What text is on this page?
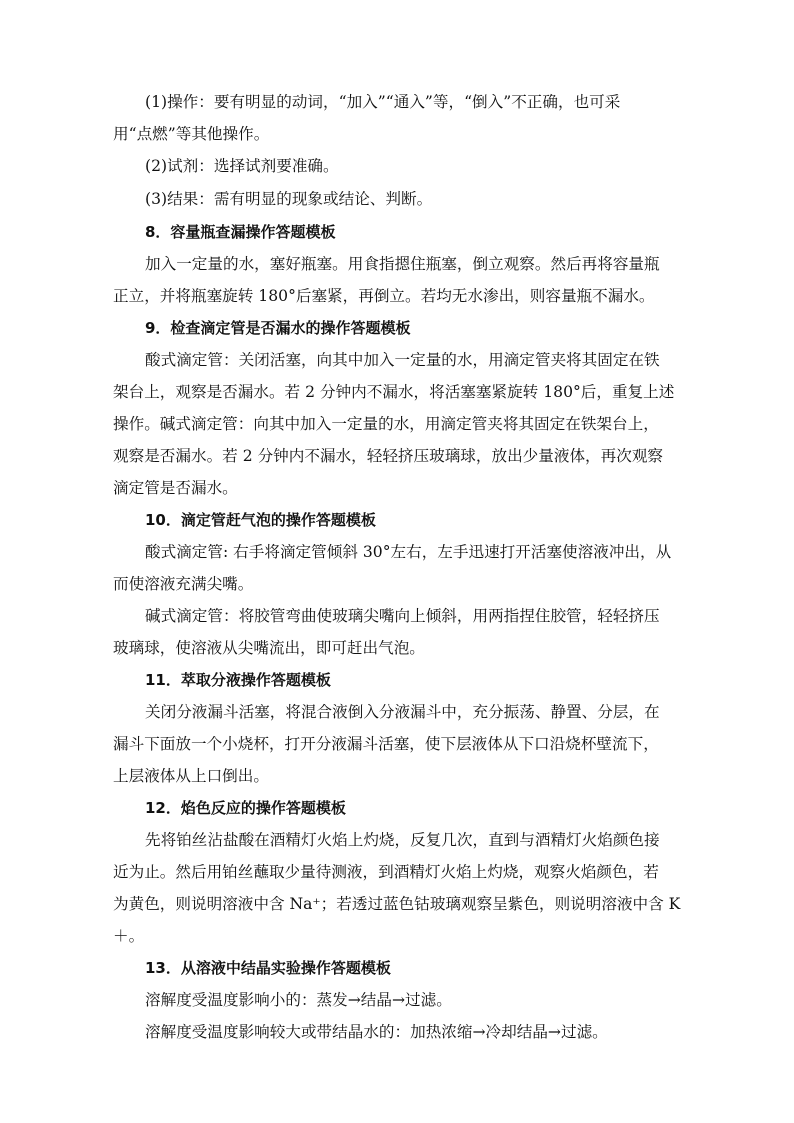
(1)操作：要有明显的动词，“加入”“通入”等，“倒入”不正确，也可采
用“点燃”等其他操作。
(2)试剂：选择试剂要准确。
(3)结果：需有明显的现象或结论、判断。
8．容量瓶查漏操作答题模板
加入一定量的水，塞好瓶塞。用食指摁住瓶塞，倒立观察。然后再将容量瓶
正立，并将瓶塞旋转 180°后塞紧，再倒立。若均无水渗出，则容量瓶不漏水。
9．检查滴定管是否漏水的操作答题模板
酸式滴定管：关闭活塞，向其中加入一定量的水，用滴定管夹将其固定在铁
架台上，观察是否漏水。若 2 分钟内不漏水，将活塞塞紧旋转 180°后，重复上述
操作。碱式滴定管：向其中加入一定量的水，用滴定管夹将其固定在铁架台上，
观察是否漏水。若 2 分钟内不漏水，轻轻挤压玻璃球，放出少量液体，再次观察
滴定管是否漏水。
10．滴定管赶气泡的操作答题模板
酸式滴定管: 右手将滴定管倾斜 30°左右，左手迅速打开活塞使溶液冲出，从
而使溶液充满尖嘴。
碱式滴定管：将胶管弯曲使玻璃尖嘴向上倾斜，用两指捏住胶管，轻轻挤压
玻璃球，使溶液从尖嘴流出，即可赶出气泡。
11．萃取分液操作答题模板
关闭分液漏斗活塞，将混合液倒入分液漏斗中，充分振荡、静置、分层，在
漏斗下面放一个小烧杯，打开分液漏斗活塞，使下层液体从下口沿烧杯壁流下，
上层液体从上口倒出。
12．焰色反应的操作答题模板
先将铂丝沾盐酸在酒精灯火焰上灼烧，反复几次，直到与酒精灯火焰颜色接
近为止。然后用铂丝蘸取少量待测液，到酒精灯火焰上灼烧，观察火焰颜色，若
为黄色，则说明溶液中含 Na⁺；若透过蓝色钴玻璃观察呈紫色，则说明溶液中含 K
＋。
13．从溶液中结晶实验操作答题模板
溶解度受温度影响小的：蒸发→结晶→过滤。
溶解度受温度影响较大或带结晶水的：加热浓缩→冷却结晶→过滤。
